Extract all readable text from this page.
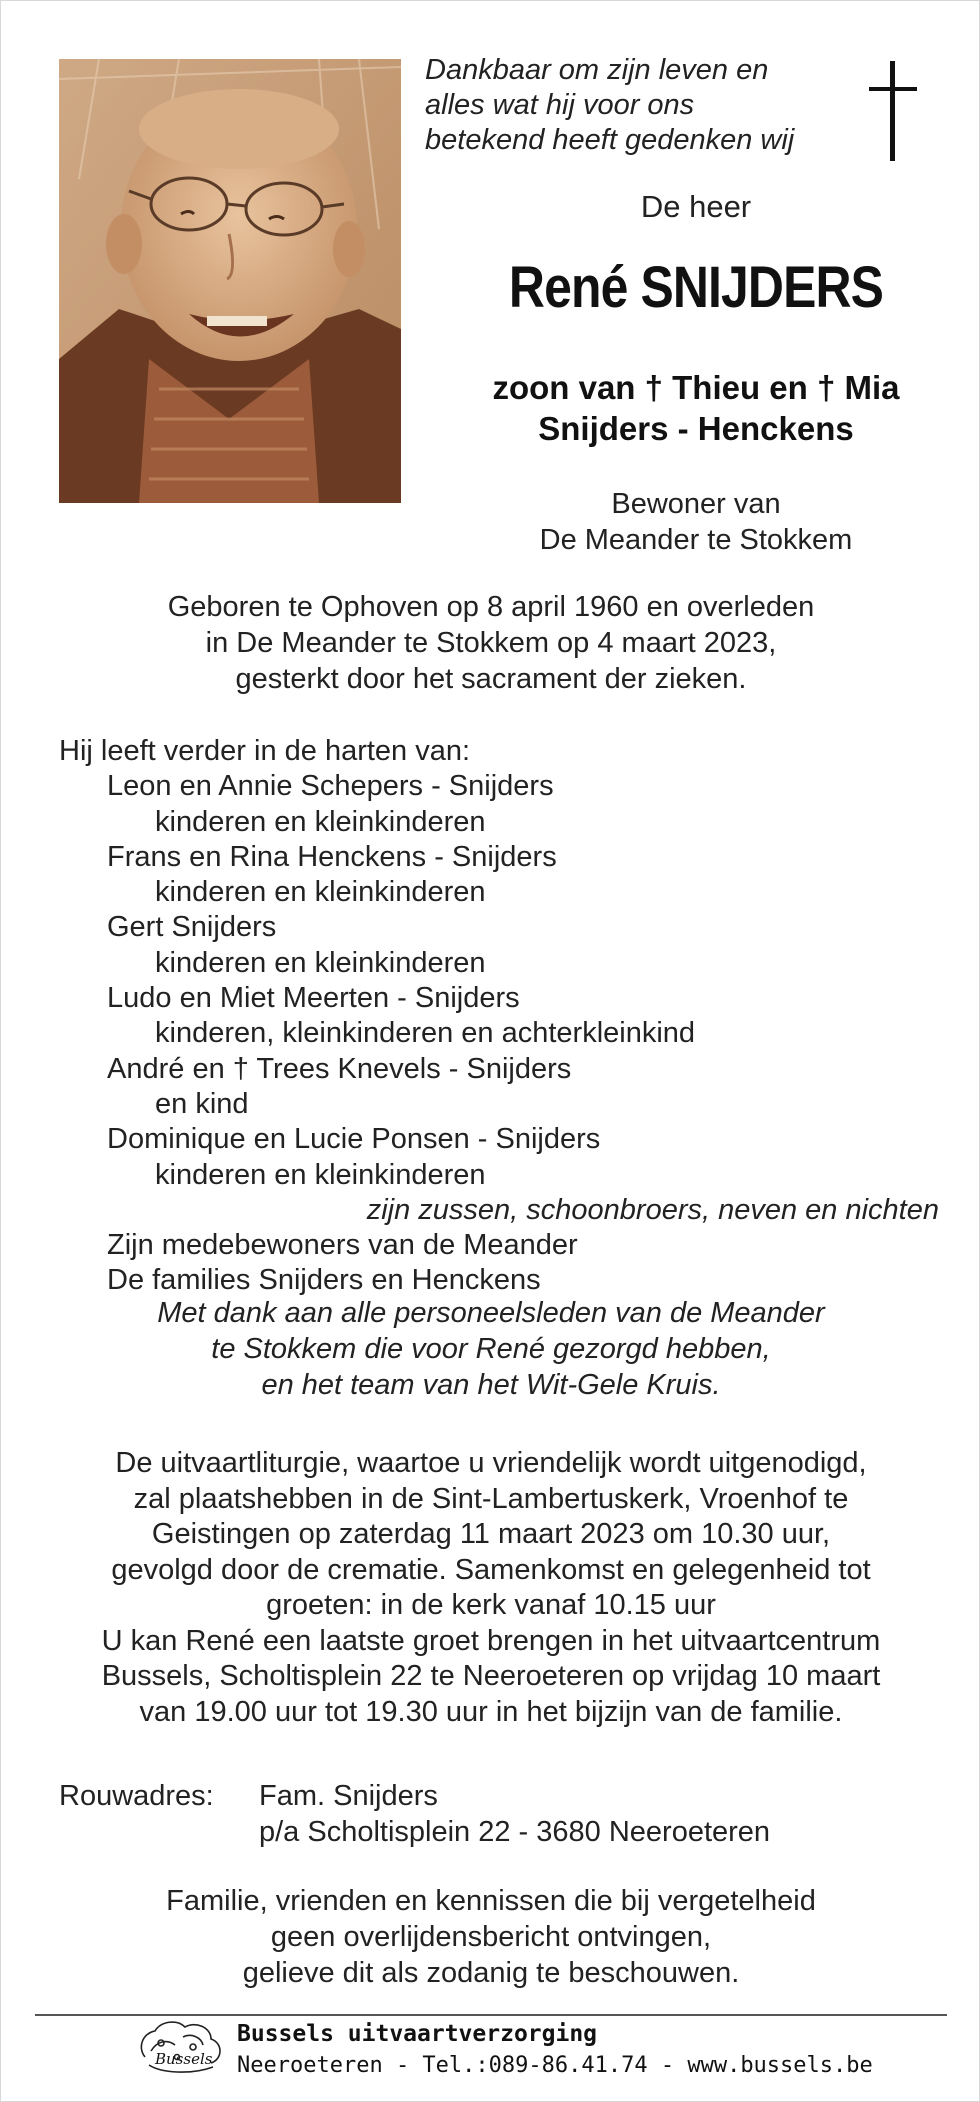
Dankbaar om zijn leven en
alles wat hij voor ons
betekend heeft gedenken wij
De heer
René SNIJDERS
zoon van † Thieu en † Mia
Snijders - Henckens
Bewoner van
De Meander te Stokkem
Geboren te Ophoven op 8 april 1960 en overleden
in De Meander te Stokkem op 4 maart 2023,
gesterkt door het sacrament der zieken.
Hij leeft verder in de harten van:
Leon en Annie Schepers - Snijders
kinderen en kleinkinderen
Frans en Rina Henckens - Snijders
kinderen en kleinkinderen
Gert Snijders
kinderen en kleinkinderen
Ludo en Miet Meerten - Snijders
kinderen, kleinkinderen en achterkleinkind
André en † Trees Knevels - Snijders
en kind
Dominique en Lucie Ponsen - Snijders
kinderen en kleinkinderen
zijn zussen, schoonbroers, neven en nichten
Zijn medebewoners van de Meander
De families Snijders en Henckens
Met dank aan alle personeelsleden van de Meander
te Stokkem die voor René gezorgd hebben,
en het team van het Wit-Gele Kruis.
De uitvaartliturgie, waartoe u vriendelijk wordt uitgenodigd,
zal plaatshebben in de Sint-Lambertuskerk, Vroenhof te
Geistingen op zaterdag 11 maart 2023 om 10.30 uur,
gevolgd door de crematie. Samenkomst en gelegenheid tot
groeten: in de kerk vanaf 10.15 uur
U kan René een laatste groet brengen in het uitvaartcentrum
Bussels, Scholtisplein 22 te Neeroeteren op vrijdag 10 maart
van 19.00 uur tot 19.30 uur in het bijzijn van de familie.
Rouwadres: Fam. Snijders
p/a Scholtisplein 22 - 3680 Neeroeteren
Familie, vrienden en kennissen die bij vergetelheid
geen overlijdensbericht ontvingen,
gelieve dit als zodanig te beschouwen.
Bussels
Bussels uitvaartverzorging
Neeroeteren - Tel.:089-86.41.74 - www.bussels.be
